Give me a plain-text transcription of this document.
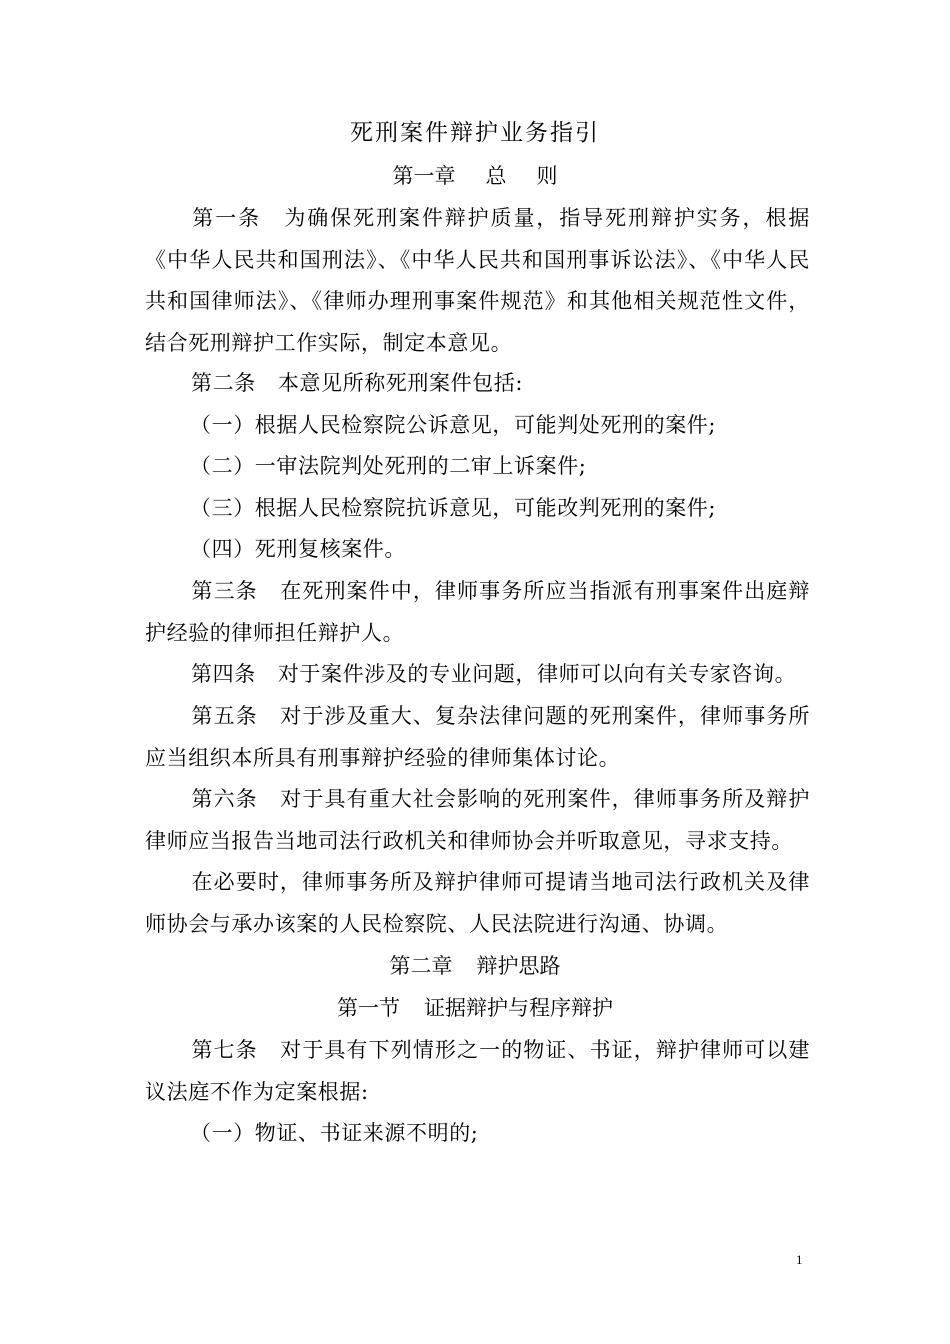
死刑案件辩护业务指引
第一章 总 则
第一条 为确保死刑案件辩护质量，指导死刑辩护实务，根据《中华人民共和国刑法》、《中华人民共和国刑事诉讼法》、《中华人民共和国律师法》、《律师办理刑事案件规范》和其他相关规范性文件，结合死刑辩护工作实际，制定本意见。
第二条 本意见所称死刑案件包括:
（一）根据人民检察院公诉意见，可能判处死刑的案件;
（二）一审法院判处死刑的二审上诉案件;
（三）根据人民检察院抗诉意见，可能改判死刑的案件;
（四）死刑复核案件。
第三条 在死刑案件中，律师事务所应当指派有刑事案件出庭辩护经验的律师担任辩护人。
第四条 对于案件涉及的专业问题，律师可以向有关专家咨询。
第五条 对于涉及重大、复杂法律问题的死刑案件，律师事务所应当组织本所具有刑事辩护经验的律师集体讨论。
第六条 对于具有重大社会影响的死刑案件，律师事务所及辩护律师应当报告当地司法行政机关和律师协会并听取意见，寻求支持。
在必要时，律师事务所及辩护律师可提请当地司法行政机关及律师协会与承办该案的人民检察院、人民法院进行沟通、协调。
第二章 辩护思路
第一节 证据辩护与程序辩护
第七条 对于具有下列情形之一的物证、书证，辩护律师可以建议法庭不作为定案根据:
（一）物证、书证来源不明的;
1
